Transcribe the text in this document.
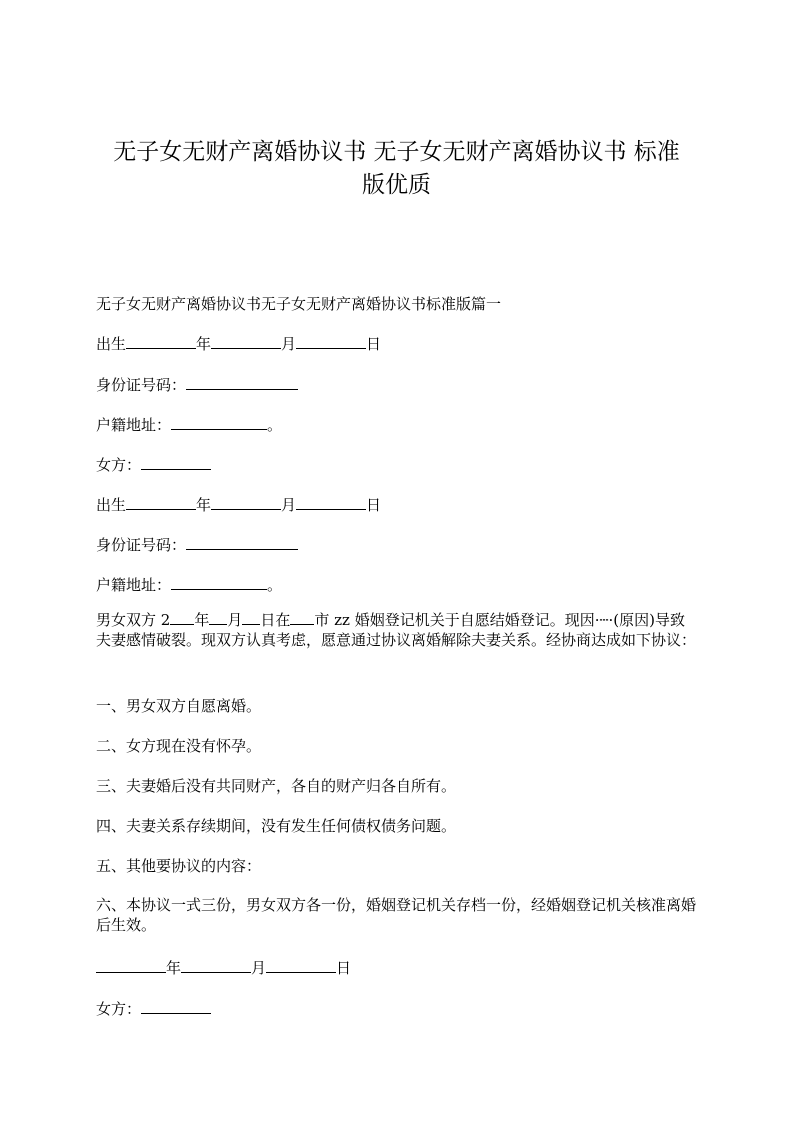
无子女无财产离婚协议书 无子女无财产离婚协议书 标准
版优质
无子女无财产离婚协议书无子女无财产离婚协议书标准版篇一
出生	年	月	日
身份证号码：
户籍地址：	。
女方：
出生	年	月	日
身份证号码：
户籍地址：	。
男女双方 2 年 月 日在 市 zz 婚姻登记机关于自愿结婚登记。现因·┄·(原因)导致夫妻感情破裂。现双方认真考虑，愿意通过协议离婚解除夫妻关系。经协商达成如下协议：
一、男女双方自愿离婚。
二、女方现在没有怀孕。
三、夫妻婚后没有共同财产，各自的财产归各自所有。
四、夫妻关系存续期间，没有发生任何债权债务问题。
五、其他要协议的内容：
六、本协议一式三份，男女双方各一份，婚姻登记机关存档一份，经婚姻登记机关核准离婚后生效。
年	月	日
女方：
